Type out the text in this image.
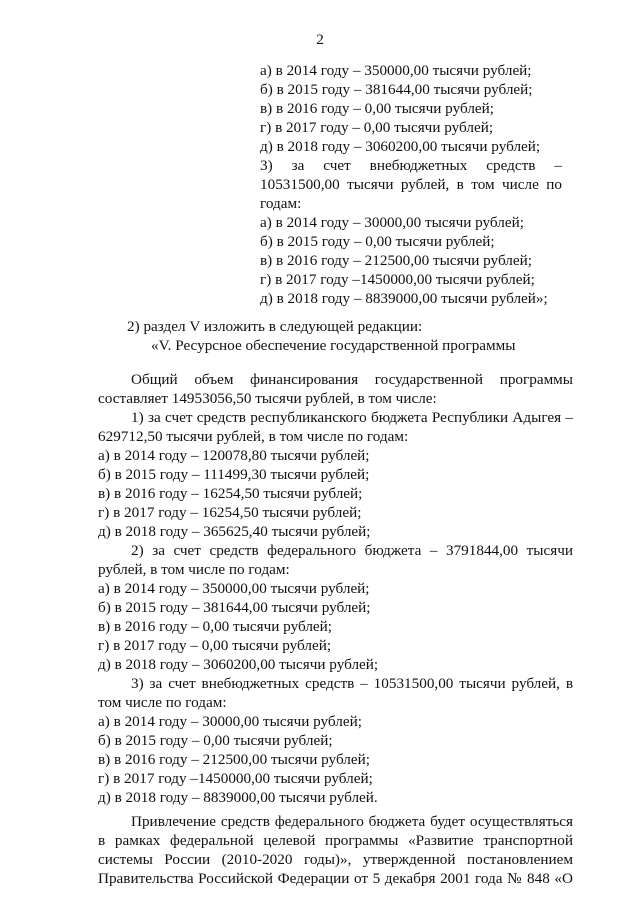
2
а) в 2014 году – 350000,00 тысячи рублей;
б) в 2015 году – 381644,00 тысячи рублей;
в) в 2016 году – 0,00 тысячи рублей;
г) в 2017 году – 0,00 тысячи рублей;
д) в 2018 году – 3060200,00 тысячи рублей;
3) за счет внебюджетных средств –
10531500,00 тысячи рублей, в том числе по
годам:
а) в 2014 году – 30000,00 тысячи рублей;
б) в 2015 году – 0,00 тысячи рублей;
в) в 2016 году – 212500,00 тысячи рублей;
г) в 2017 году –1450000,00 тысячи рублей;
д) в 2018 году – 8839000,00 тысячи рублей»;
2) раздел V изложить в следующей редакции:
«V. Ресурсное обеспечение государственной программы
Общий объем финансирования государственной программы
составляет 14953056,50 тысячи рублей, в том числе:
1) за счет средств республиканского бюджета Республики Адыгея –
629712,50 тысячи рублей, в том числе по годам:
а) в 2014 году – 120078,80 тысячи рублей;
б) в 2015 году – 111499,30 тысячи рублей;
в) в 2016 году – 16254,50 тысячи рублей;
г) в 2017 году – 16254,50 тысячи рублей;
д) в 2018 году – 365625,40 тысячи рублей;
2) за счет средств федерального бюджета – 3791844,00 тысячи
рублей, в том числе по годам:
а) в 2014 году – 350000,00 тысячи рублей;
б) в 2015 году – 381644,00 тысячи рублей;
в) в 2016 году – 0,00 тысячи рублей;
г) в 2017 году – 0,00 тысячи рублей;
д) в 2018 году – 3060200,00 тысячи рублей;
3) за счет внебюджетных средств – 10531500,00 тысячи рублей, в
том числе по годам:
а) в 2014 году – 30000,00 тысячи рублей;
б) в 2015 году – 0,00 тысячи рублей;
в) в 2016 году – 212500,00 тысячи рублей;
г) в 2017 году –1450000,00 тысячи рублей;
д) в 2018 году – 8839000,00 тысячи рублей.
Привлечение средств федерального бюджета будет осуществляться
в рамках федеральной целевой программы «Развитие транспортной
системы России (2010-2020 годы)», утвержденной постановлением
Правительства Российской Федерации от 5 декабря 2001 года № 848 «О
